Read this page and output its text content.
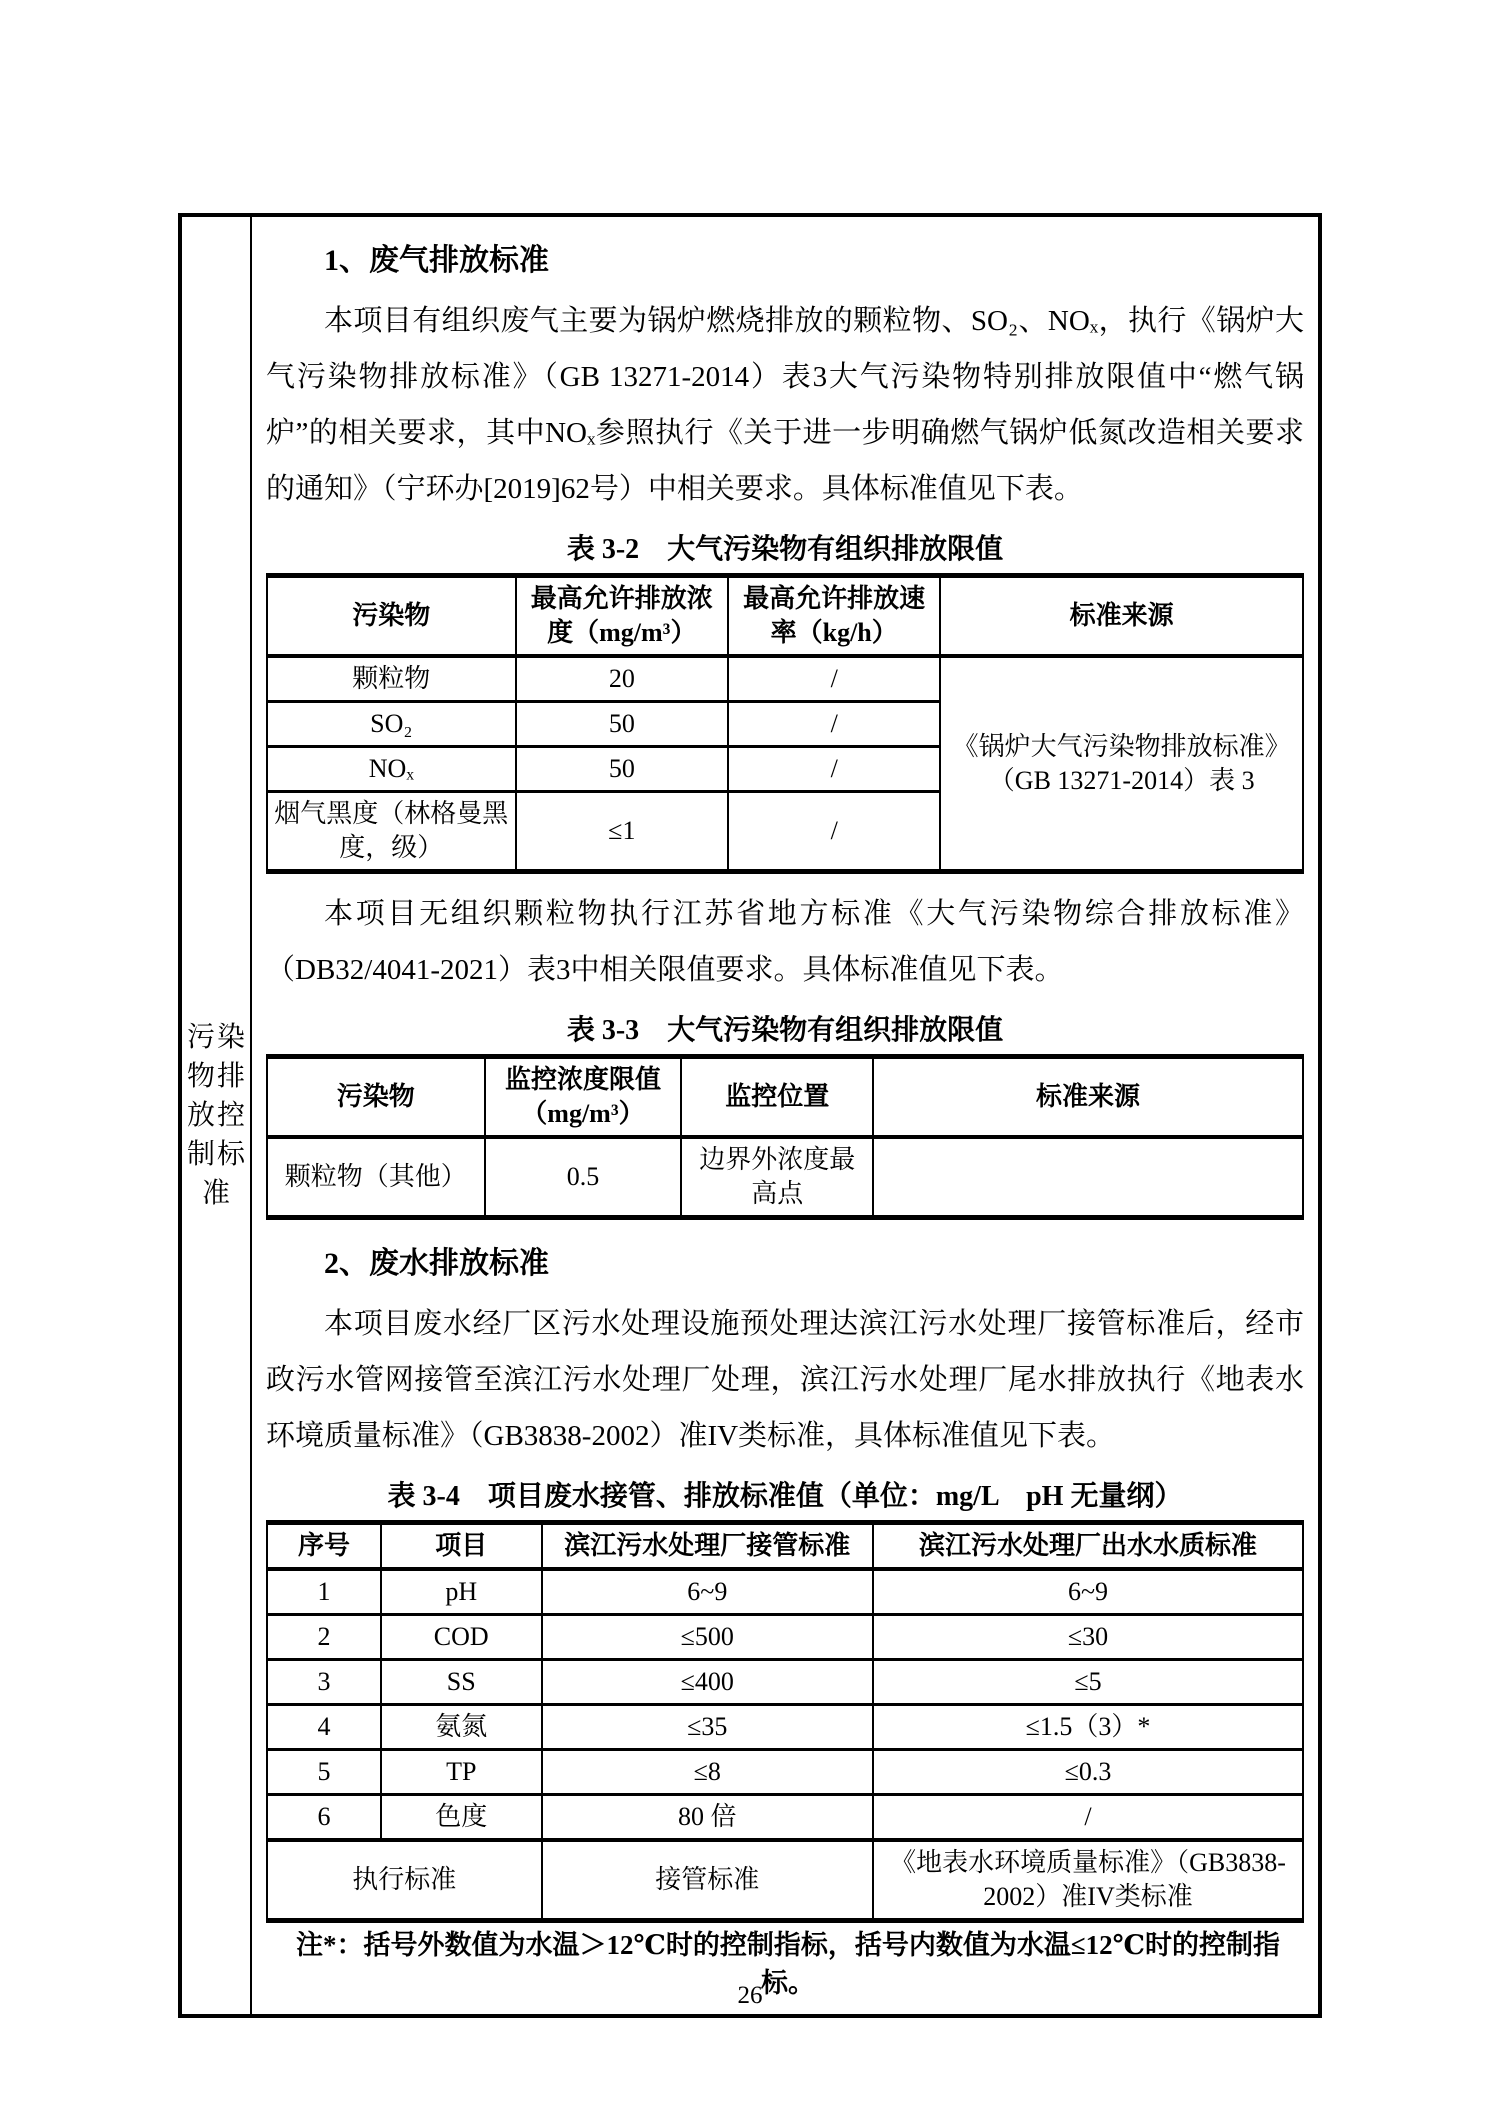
污染物排放控制标准
1、废气排放标准

本项目有组织废气主要为锅炉燃烧排放的颗粒物、SO₂、NOₓ，执行《锅炉大气污染物排放标准》（GB 13271-2014）表3大气污染物特别排放限值中“燃气锅炉”的相关要求，其中NOₓ参照执行《关于进一步明确燃气锅炉低氮改造相关要求的通知》（宁环办[2019]62号）中相关要求。具体标准值见下表。

表 3-2　大气污染物有组织排放限值
污染物	最高允许排放浓度（mg/m³）	最高允许排放速率（kg/h）	标准来源
颗粒物	20	/	《锅炉大气污染物排放标准》（GB 13271-2014）表 3
SO₂	50	/	
NOₓ	50	/	
烟气黑度（林格曼黑度，级）	≤1	/	

本项目无组织颗粒物执行江苏省地方标准《大气污染物综合排放标准》（DB32/4041-2021）表3中相关限值要求。具体标准值见下表。

表 3-3　大气污染物有组织排放限值
污染物	监控浓度限值（mg/m³）	监控位置	标准来源
颗粒物（其他）	0.5	边界外浓度最高点	
2、废水排放标准

本项目废水经厂区污水处理设施预处理达滨江污水处理厂接管标准后，经市政污水管网接管至滨江污水处理厂处理，滨江污水处理厂尾水排放执行《地表水环境质量标准》（GB3838-2002）准IV类标准，具体标准值见下表。

表 3-4　项目废水接管、排放标准值（单位：mg/L　pH 无量纲）
序号	项目	滨江污水处理厂接管标准	滨江污水处理厂出水水质标准
1	pH	6~9	6~9
2	COD	≤500	≤30
3	SS	≤400	≤5
4	氨氮	≤35	≤1.5（3）*
5	TP	≤8	≤0.3
6	色度	80 倍	/
执行标准		接管标准	《地表水环境质量标准》（GB3838-2002）准IV类标准
注*：括号外数值为水温＞12℃时的控制指标，括号内数值为水温≤12℃时的控制指标。
26
